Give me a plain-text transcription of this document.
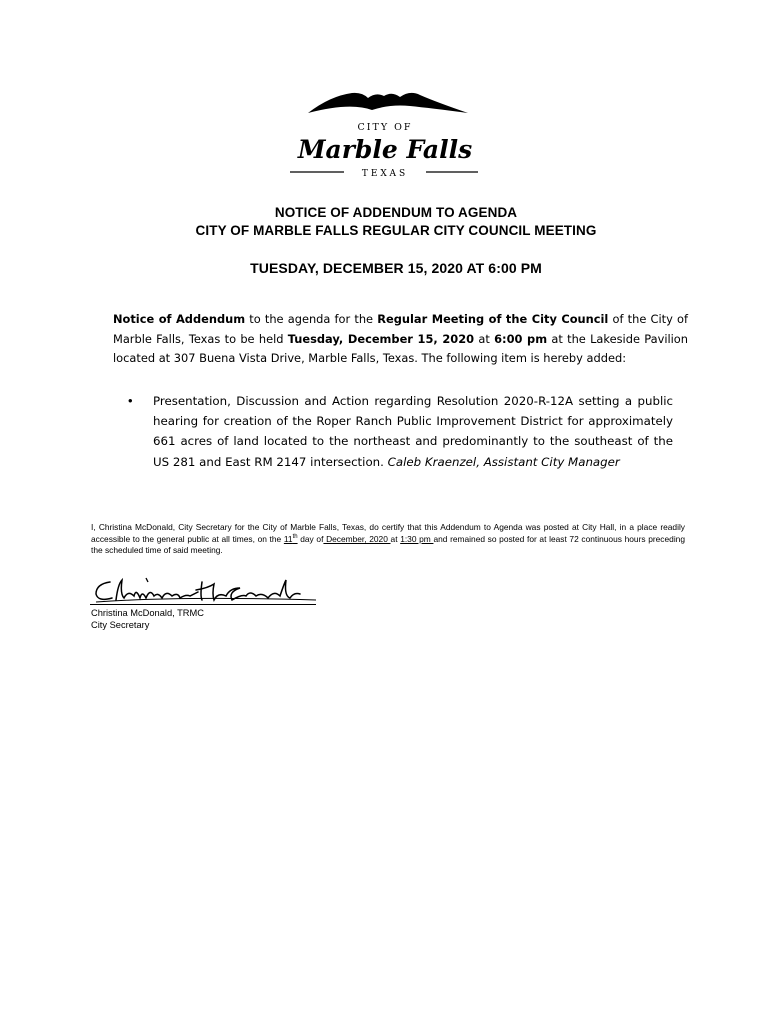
CITY OF
Marble Falls
TEXAS
NOTICE OF ADDENDUM TO AGENDA
CITY OF MARBLE FALLS REGULAR CITY COUNCIL MEETING
TUESDAY, DECEMBER 15, 2020 AT 6:00 PM
Notice of Addendum to the agenda for the Regular Meeting of the City Council of the City of Marble Falls, Texas to be held Tuesday, December 15, 2020 at 6:00 pm at the Lakeside Pavilion located at 307 Buena Vista Drive, Marble Falls, Texas. The following item is hereby added:
• Presentation, Discussion and Action regarding Resolution 2020-R-12A setting a public hearing for creation of the Roper Ranch Public Improvement District for approximately 661 acres of land located to the northeast and predominantly to the southeast of the US 281 and East RM 2147 intersection. Caleb Kraenzel, Assistant City Manager
I, Christina McDonald, City Secretary for the City of Marble Falls, Texas, do certify that this Addendum to Agenda was posted at City Hall, in a place readily accessible to the general public at all times, on the 11th day of December, 2020 at 1:30 pm and remained so posted for at least 72 continuous hours preceding the scheduled time of said meeting.
Christina McDonald, TRMC
City Secretary
